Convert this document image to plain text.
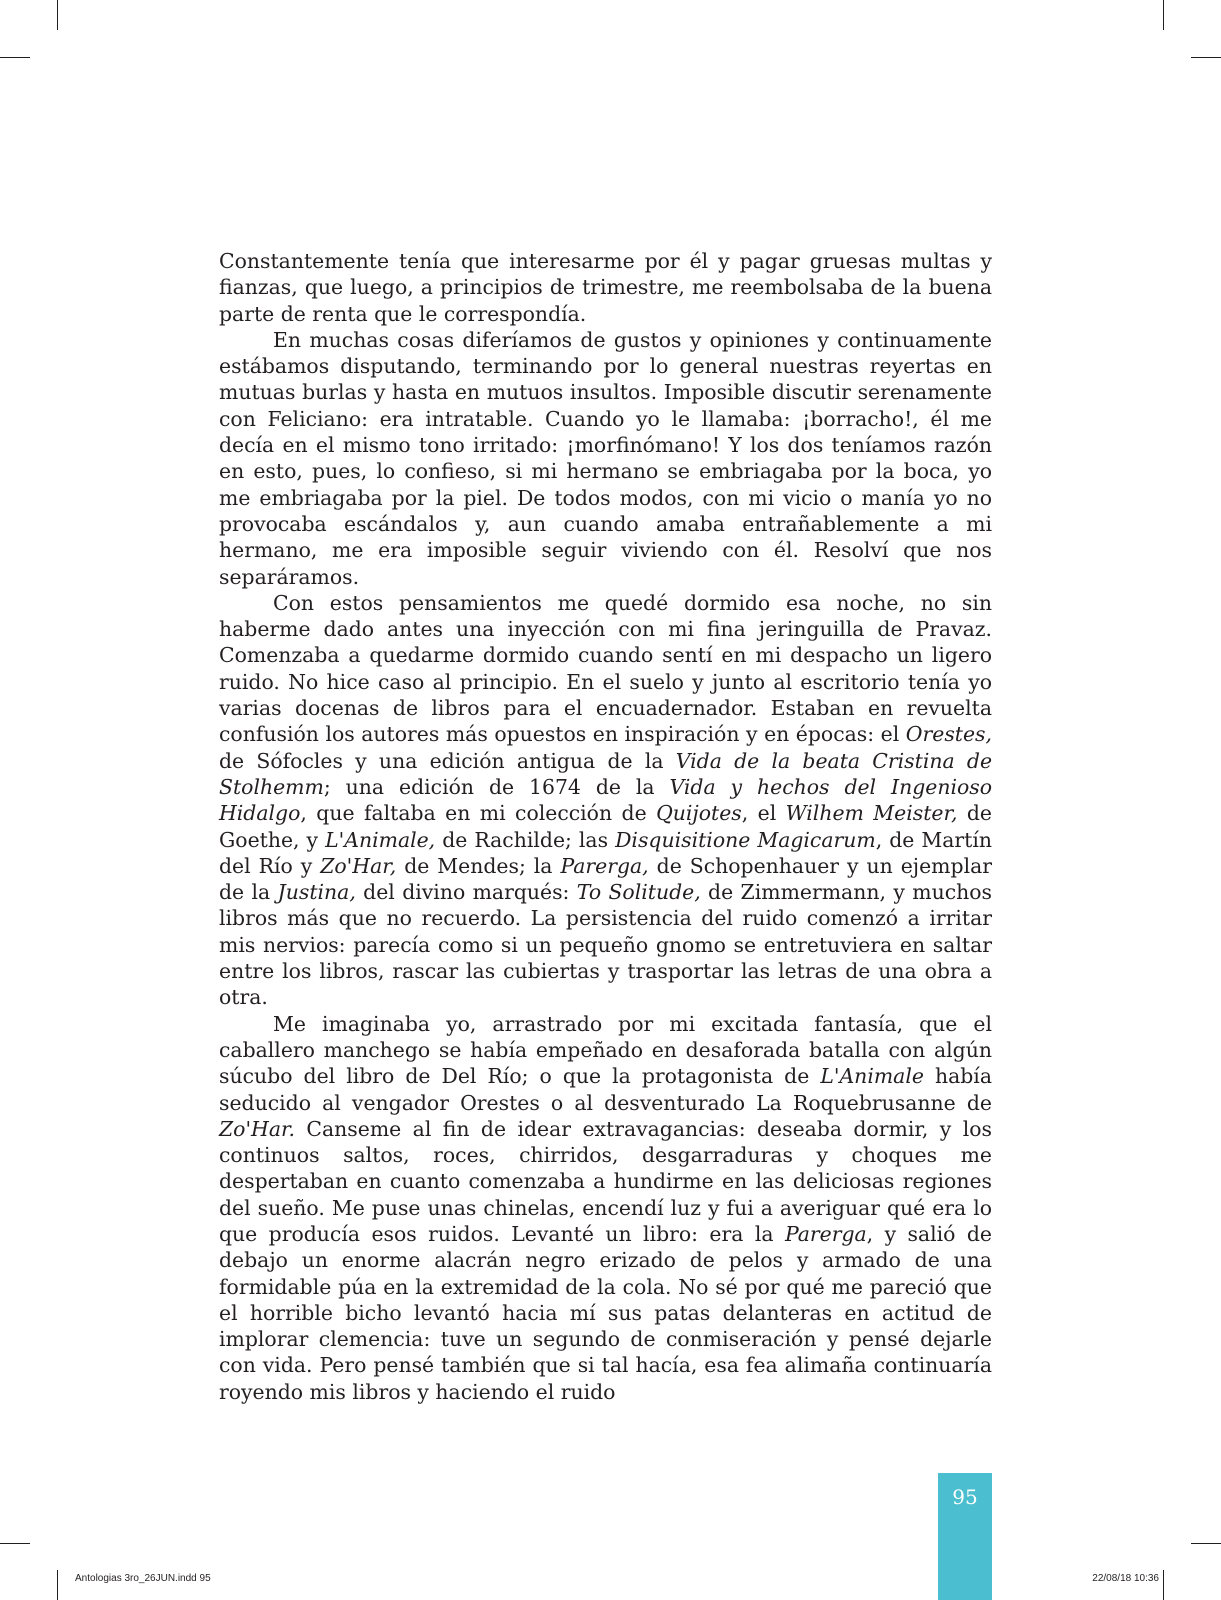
Constantemente tenía que interesarme por él y pagar gruesas multas y fianzas, que luego, a principios de trimestre, me reembolsaba de la buena parte de renta que le correspondía.

En muchas cosas diferíamos de gustos y opiniones y continuamente estábamos disputando, terminando por lo general nuestras reyertas en mutuas burlas y hasta en mutuos insultos. Imposible discutir serenamente con Feliciano: era intratable. Cuando yo le llamaba: ¡borracho!, él me decía en el mismo tono irritado: ¡morfinómano! Y los dos teníamos razón en esto, pues, lo confieso, si mi hermano se embriagaba por la boca, yo me embriagaba por la piel. De todos modos, con mi vicio o manía yo no provocaba escándalos y, aun cuando amaba entrañablemente a mi hermano, me era imposible seguir viviendo con él. Resolví que nos separáramos.

Con estos pensamientos me quedé dormido esa noche, no sin haberme dado antes una inyección con mi fina jeringuilla de Pravaz. Comenzaba a quedarme dormido cuando sentí en mi despacho un ligero ruido. No hice caso al principio. En el suelo y junto al escritorio tenía yo varias docenas de libros para el encuadernador. Estaban en revuelta confusión los autores más opuestos en inspiración y en épocas: el Orestes, de Sófocles y una edición antigua de la Vida de la beata Cristina de Stolhemm; una edición de 1674 de la Vida y hechos del Ingenioso Hidalgo, que faltaba en mi colección de Quijotes, el Wilhem Meister, de Goethe, y L'Animale, de Rachilde; las Disquisitione Magicarum, de Martín del Río y Zo'Har, de Mendes; la Parerga, de Schopenhauer y un ejemplar de la Justina, del divino marqués: To Solitude, de Zimmermann, y muchos libros más que no recuerdo. La persistencia del ruido comenzó a irritar mis nervios: parecía como si un pequeño gnomo se entretuviera en saltar entre los libros, rascar las cubiertas y trasportar las letras de una obra a otra.

Me imaginaba yo, arrastrado por mi excitada fantasía, que el caballero manchego se había empeñado en desaforada batalla con algún súcubo del libro de Del Río; o que la protagonista de L'Animale había seducido al vengador Orestes o al desventurado La Roquebrusanne de Zo'Har. Canseme al fin de idear extravagancias: deseaba dormir, y los continuos saltos, roces, chirridos, desgarraduras y choques me despertaban en cuanto comenzaba a hundirme en las deliciosas regiones del sueño. Me puse unas chinelas, encendí luz y fui a averiguar qué era lo que producía esos ruidos. Levanté un libro: era la Parerga, y salió de debajo un enorme alacrán negro erizado de pelos y armado de una formidable púa en la extremidad de la cola. No sé por qué me pareció que el horrible bicho levantó hacia mí sus patas delanteras en actitud de implorar clemencia: tuve un segundo de conmiseración y pensé dejarle con vida. Pero pensé también que si tal hacía, esa fea alimaña continuaría royendo mis libros y haciendo el ruido

95
Antologias 3ro_26JUN.indd 95	22/08/18 10:36
